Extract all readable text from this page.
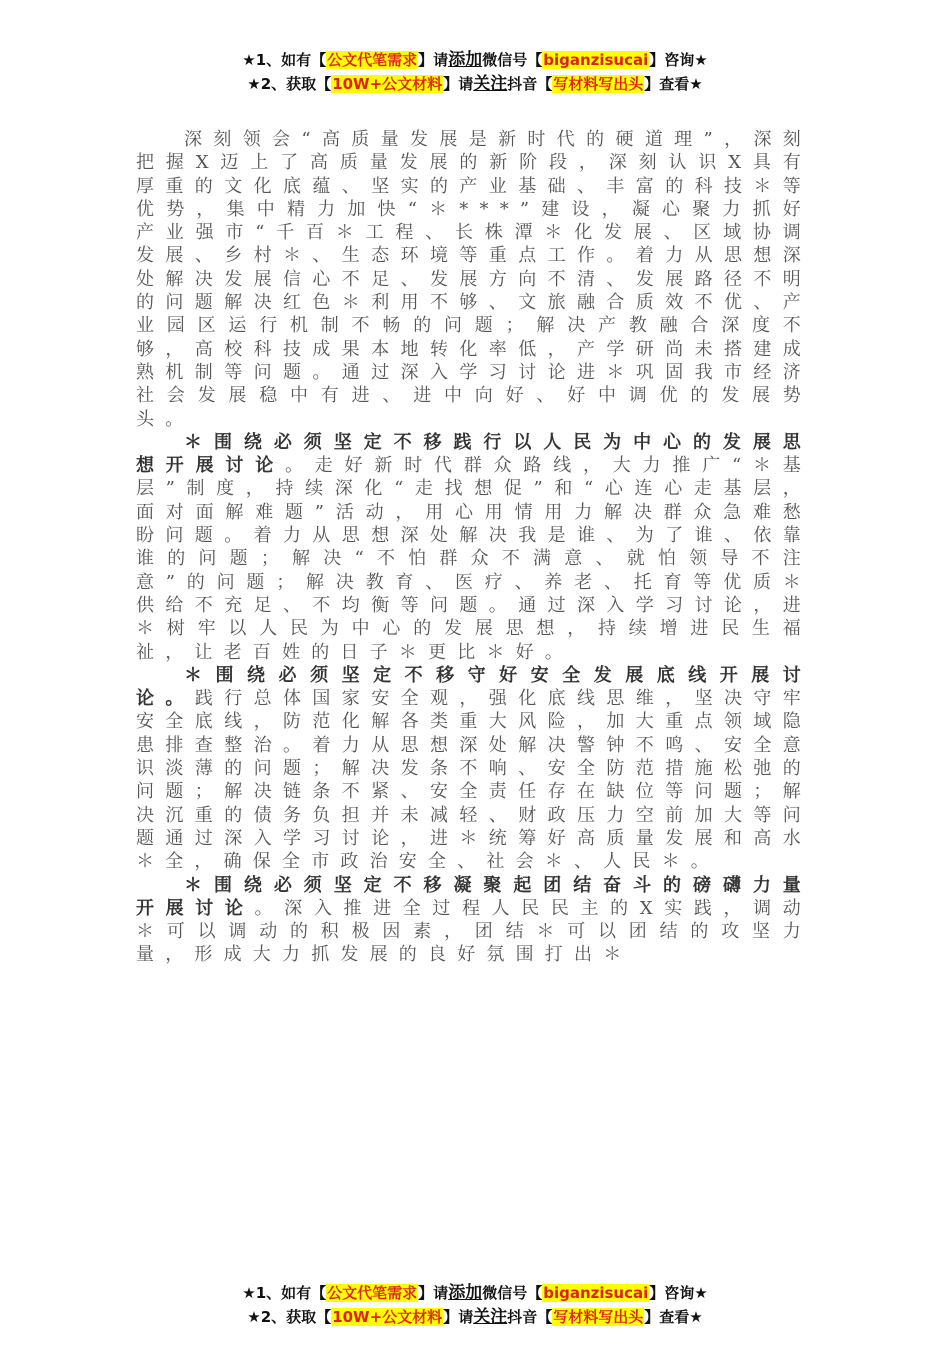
★1、如有【公文代笔需求】请添加微信号【biganzisucai】咨询★
★2、获取【10W+公文材料】请关注抖音【写材料写出头】查看★

深刻领会“高质量发展是新时代的硬道理”，深刻把握X迈上了高质量发展的新阶段，深刻认识X具有厚重的文化底蕴、坚实的产业基础、丰富的科技＊等优势，集中精力加快“＊***”建设，凝心聚力抓好产业强市“千百＊工程、长株潭＊化发展、区域协调发展、乡村＊、生态环境等重点工作。着力从思想深处解决发展信心不足、发展方向不清、发展路径不明的问题解决红色＊利用不够、文旅融合质效不优、产业园区运行机制不畅的问题；解决产教融合深度不够，高校科技成果本地转化率低，产学研尚未搭建成熟机制等问题。通过深入学习讨论进＊巩固我市经济社会发展稳中有进、进中向好、好中调优的发展势头。

＊围绕必须坚定不移践行以人民为中心的发展思想开展讨论。走好新时代群众路线，大力推广“＊基层”制度，持续深化“走找想促”和“心连心走基层，面对面解难题”活动，用心用情用力解决群众急难愁盼问题。着力从思想深处解决我是谁、为了谁、依靠谁的问题；解决“不怕群众不满意、就怕领导不注意”的问题；解决教育、医疗、养老、托育等优质＊供给不充足、不均衡等问题。通过深入学习讨论，进＊树牢以人民为中心的发展思想，持续增进民生福祉，让老百姓的日子＊更比＊好。

＊围绕必须坚定不移守好安全发展底线开展讨论。践行总体国家安全观，强化底线思维，坚决守牢安全底线，防范化解各类重大风险，加大重点领域隐患排查整治。着力从思想深处解决警钟不鸣、安全意识淡薄的问题；解决发条不响、安全防范措施松弛的问题；解决链条不紧、安全责任存在缺位等问题；解决沉重的债务负担并未减轻、财政压力空前加大等问题通过深入学习讨论，进＊统筹好高质量发展和高水＊全，确保全市政治安全、社会＊、人民＊。

＊围绕必须坚定不移凝聚起团结奋斗的磅礴力量开展讨论。深入推进全过程人民民主的X实践，调动＊可以调动的积极因素，团结＊可以团结的攻坚力量，形成大力抓发展的良好氛围打出＊

★1、如有【公文代笔需求】请添加微信号【biganzisucai】咨询★
★2、获取【10W+公文材料】请关注抖音【写材料写出头】查看★
